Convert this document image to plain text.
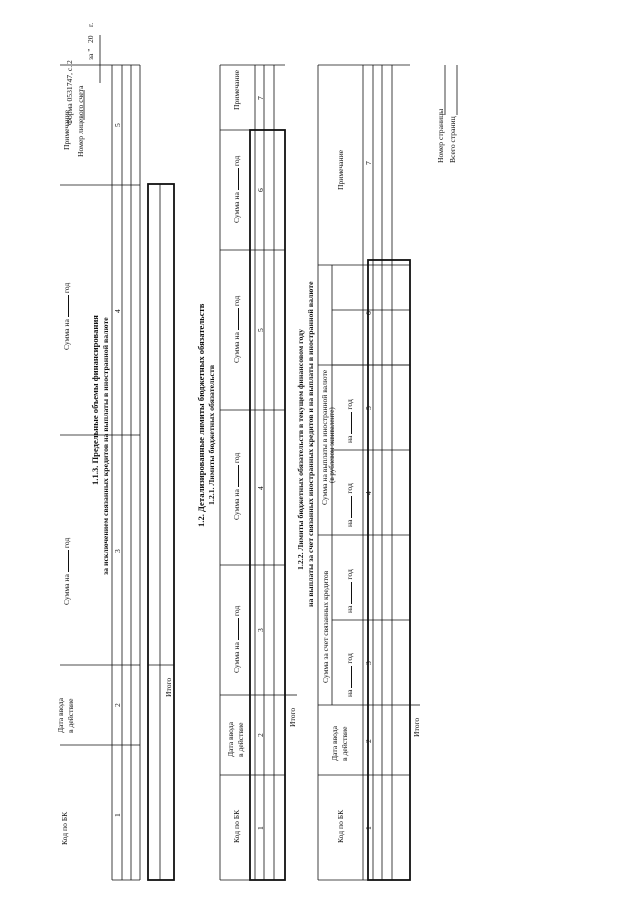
Форма 0531747, с. 2 Номер лицевого счета
за "
20
г.
1.1.3. Предельные объемы финансирования за исключением связанных кредитов на выплаты в иностранной валюте
Код по БК
Дата ввода в действие
Сумма нагод
Сумма нагод
Примечание
1
2
3
4
5
Итого
1.2. Детализированные лимиты бюджетных обязательств 1.2.1. Лимиты бюджетных обязательств
Код по БК
Дата ввода в действие
Сумма нагод
Сумма нагод
Сумма нагод
Сумма нагод
Примечание
1
2
3
4
5
6
7
Итого
1.2.2. Лимиты бюджетных обязательств в текущем финансовом году на выплаты за счет связанных иностранных кредитов и на выплаты в иностранной валюте
Код по БК
Дата ввода в действие
Сумма за счет связанных кредитов
Сумма на выплаты в иностранной валюте (в рублевом эквиваленте)
нагод
нагод
нагод
нагод
Примечание
1
2
3
4
5
6
7
Итого
Номер страницы Всего страниц
